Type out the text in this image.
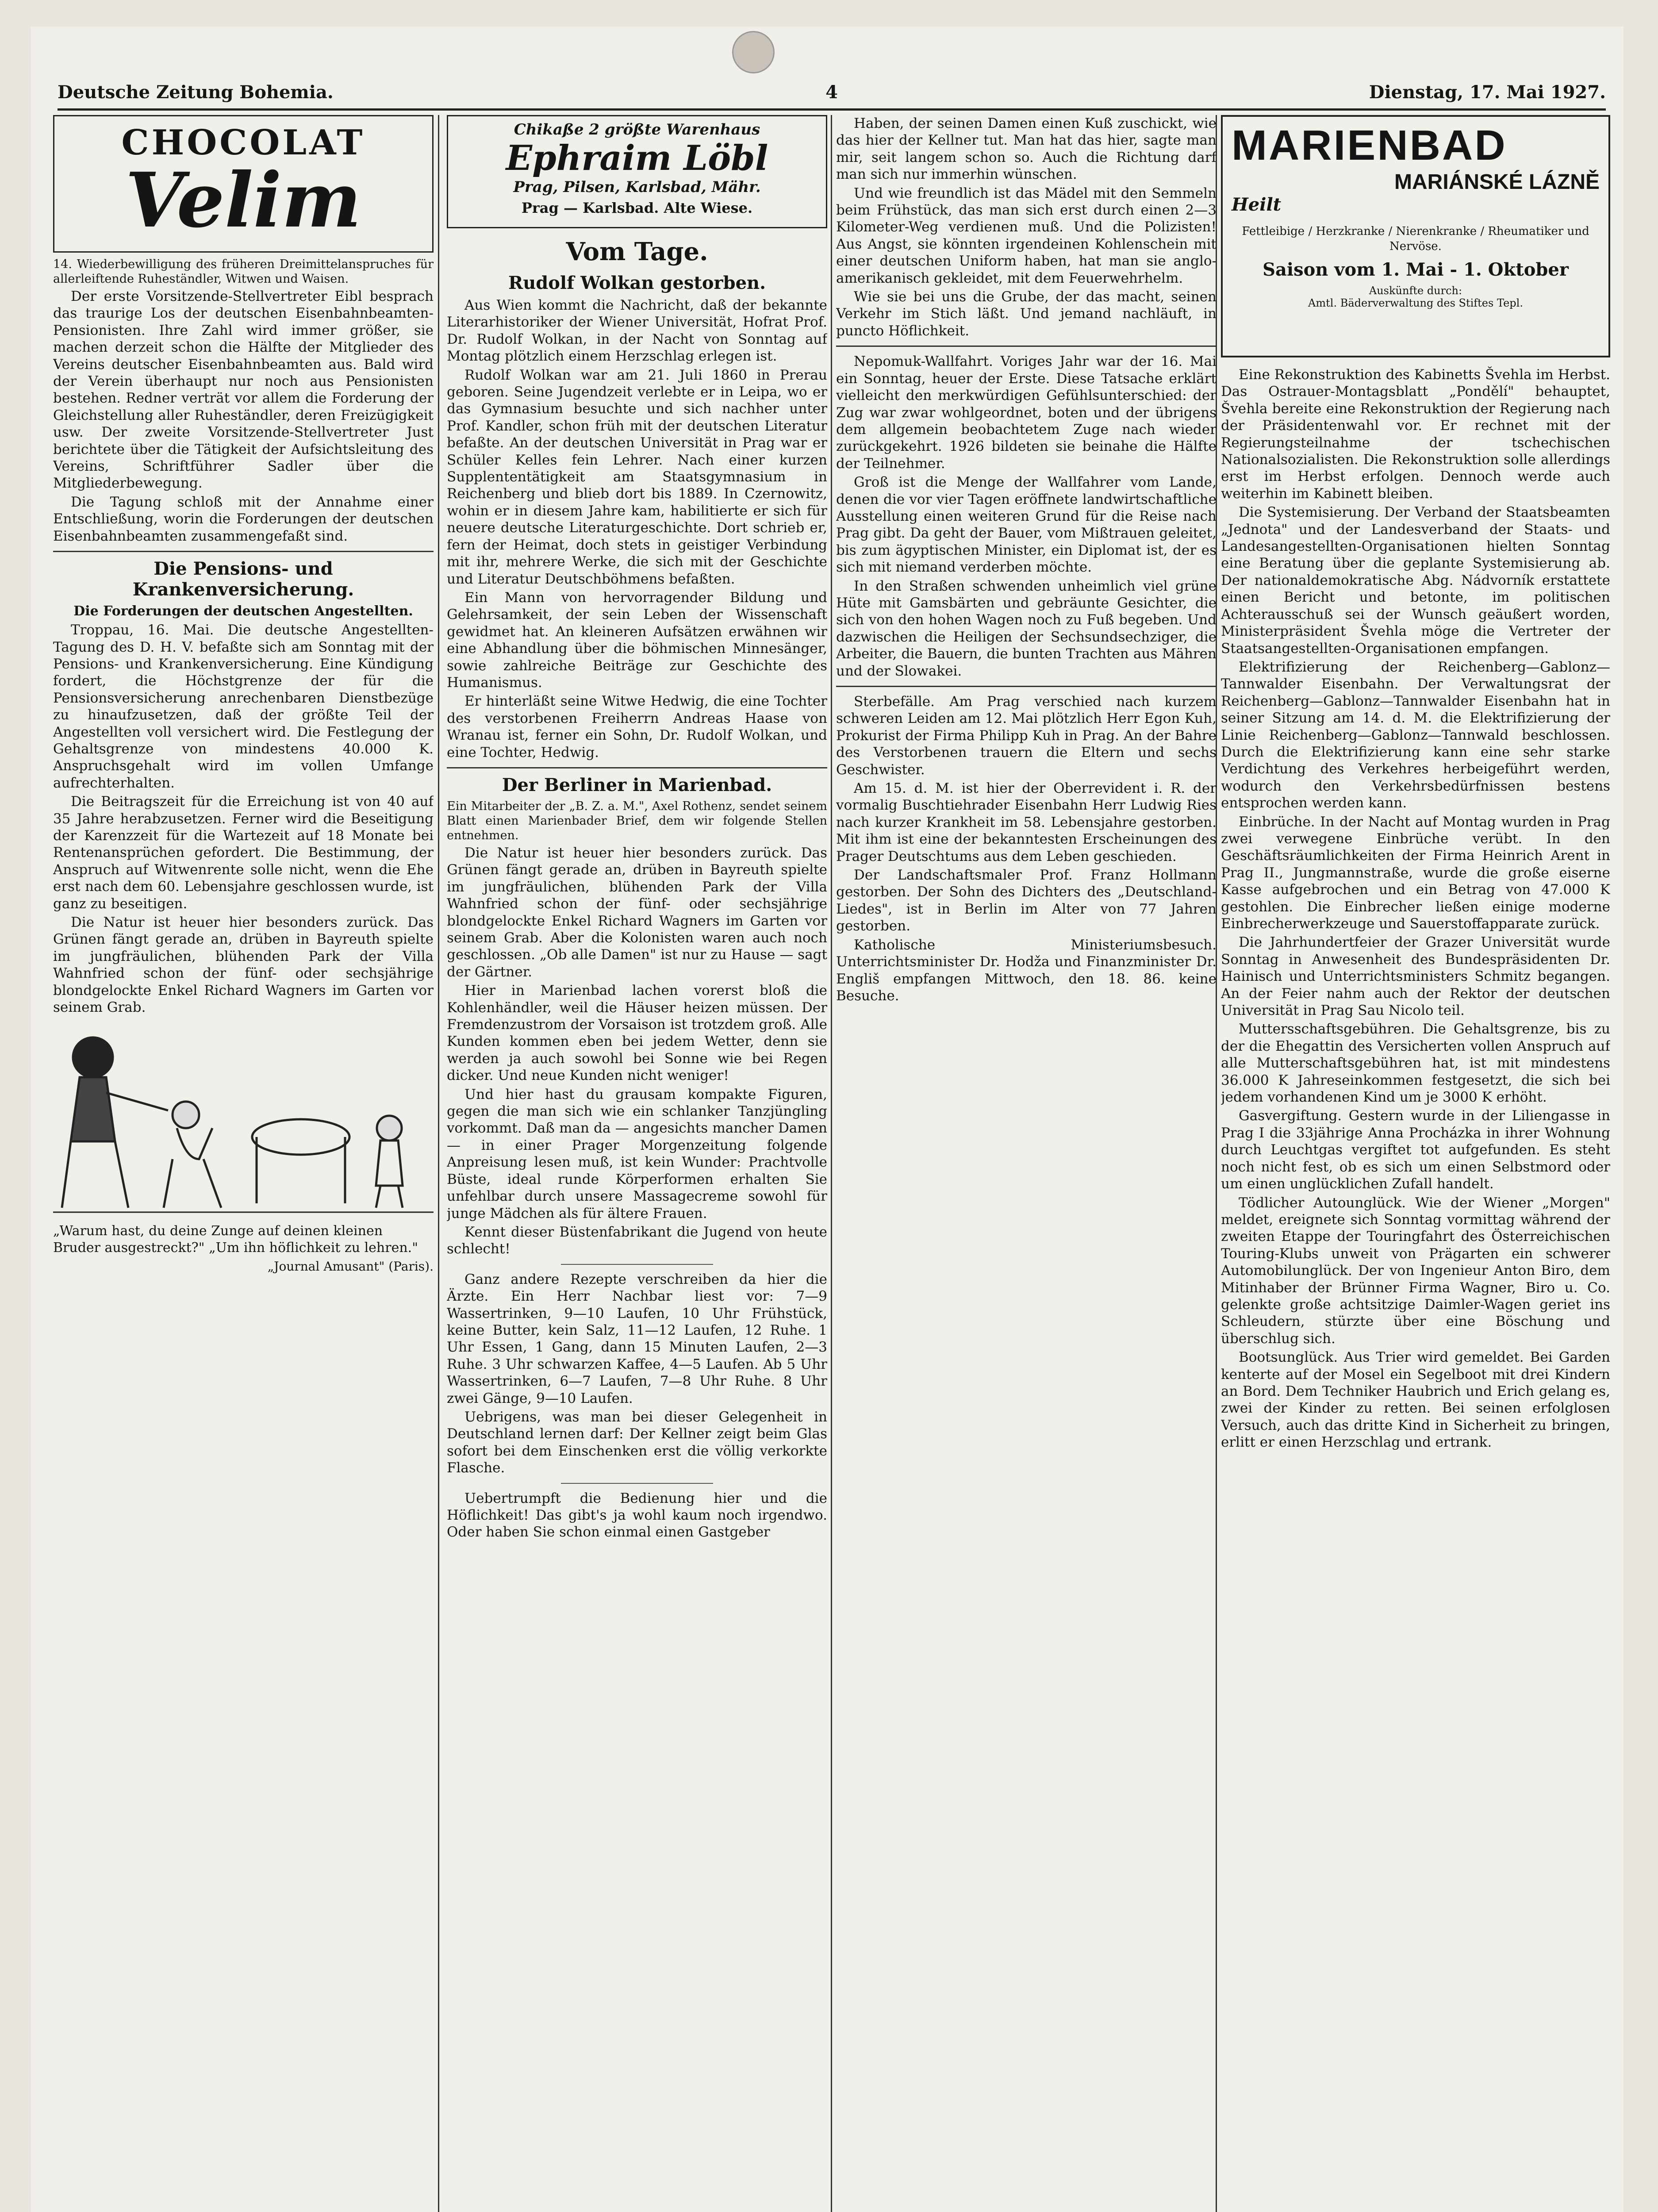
Deutsche Zeitung Bohemia.	4	Dienstag, 17. Mai 1927.
CHOCOLAT
Velim

14. Wiederbewilligung des früheren Dreimittelanspruches für allerleiftende Ruheständler, Witwen und Waisen.

Der erste Vorsitzende-Stellvertreter Eibl besprach das traurige Los der deutschen Eisenbahnbeamten-Pensionisten. Ihre Zahl wird immer größer, sie machen derzeit schon die Hälfte der Mitglieder des Vereins deutscher Eisenbahnbeamten aus. Bald wird der Verein überhaupt nur noch aus Pensionisten bestehen. Redner verträt vor allem die Forderung der Gleichstellung aller Ruheständler, deren Freizügigkeit usw. Der zweite Vorsitzende-Stellvertreter Just berichtete über die Tätigkeit der Aufsichtsleitung des Vereins, Schriftführer Sadler über die Mitgliederbewegung.

Die Tagung schloß mit der Annahme einer Entschließung, worin die Forderungen der deutschen Eisenbahnbeamten zusammengefaßt sind.

Die Pensions- und Krankenversicherung.
Die Forderungen der deutschen Angestellten.

Troppau, 16. Mai. Die deutsche Angestellten-Tagung des D. H. V. befaßte sich am Sonntag mit der Pensions- und Krankenversicherung. Eine Kündigung fordert, die Höchstgrenze der für die Pensionsversicherung anrechenbaren Dienstbezüge zu hinaufzusetzen, daß der größte Teil der Angestellten voll versichert wird. Die Festlegung der Gehaltsgrenze von mindestens 40.000 K. Anspruchsgehalt wird im vollen Umfange aufrechterhalten.

Die Beitragszeit für die Erreichung ist von 40 auf 35 Jahre herabzusetzen. Ferner wird die Beseitigung der Karenzzeit für die Wartezeit auf 18 Monate bei Rentenansprüchen gefordert. Die Bestimmung, der Anspruch auf Witwenrente solle nicht, wenn die Ehe erst nach dem 60. Lebensjahre geschlossen wurde, ist ganz zu beseitigen.

Die Natur ist heuer hier besonders zurück. Das Grünen fängt gerade an, drüben in Bayreuth spielte im jungfräulichen, blühenden Park der Villa Wahnfried schon der fünf- oder sechsjährige blondgelockte Enkel Richard Wagners im Garten vor seinem Grab.

„Warum hast, du deine Zunge auf deinen kleinen Bruder ausgestreckt?" „Um ihn höflichkeit zu lehren."
„Journal Amusant" (Paris).
Chikaße 2 größte Warenhaus
Ephraim Löbl
Prag, Pilsen, Karlsbad, Mähr.
Prag — Karlsbad. Alte Wiese.
Vom Tage.
Rudolf Wolkan gestorben.

Aus Wien kommt die Nachricht, daß der bekannte Literarhistoriker der Wiener Universität, Hofrat Prof. Dr. Rudolf Wolkan, in der Nacht von Sonntag auf Montag plötzlich einem Herzschlag erlegen ist.

Rudolf Wolkan war am 21. Juli 1860 in Prerau geboren. Seine Jugendzeit verlebte er in Leipa, wo er das Gymnasium besuchte und sich nachher unter Prof. Kandler, schon früh mit der deutschen Literatur befaßte. An der deutschen Universität in Prag war er Schüler Kelles fein Lehrer. Nach einer kurzen Supplententätigkeit am Staatsgymnasium in Reichenberg und blieb dort bis 1889. In Czernowitz, wohin er in diesem Jahre kam, habilitierte er sich für neuere deutsche Literaturgeschichte. Dort schrieb er, fern der Heimat, doch stets in geistiger Verbindung mit ihr, mehrere Werke, die sich mit der Geschichte und Literatur Deutschböhmens befaßten.

Ein Mann von hervorragender Bildung und Gelehrsamkeit, der sein Leben der Wissenschaft gewidmet hat. An kleineren Aufsätzen erwähnen wir eine Abhandlung über die böhmischen Minnesänger, sowie zahlreiche Beiträge zur Geschichte des Humanismus.

Er hinterläßt seine Witwe Hedwig, die eine Tochter des verstorbenen Freiherrn Andreas Haase von Wranau ist, ferner ein Sohn, Dr. Rudolf Wolkan, und eine Tochter, Hedwig.

Der Berliner in Marienbad.

Ein Mitarbeiter der „B. Z. a. M.", Axel Rothenz, sendet seinem Blatt einen Marienbader Brief, dem wir folgende Stellen entnehmen.

Die Natur ist heuer hier besonders zurück. Das Grünen fängt gerade an, drüben in Bayreuth spielte im jungfräulichen, blühenden Park der Villa Wahnfried schon der fünf- oder sechsjährige blondgelockte Enkel Richard Wagners im Garten vor seinem Grab. Aber die Kolonisten waren auch noch geschlossen. „Ob alle Damen" ist nur zu Hause — sagt der Gärtner.

Hier in Marienbad lachen vorerst bloß die Kohlenhändler, weil die Häuser heizen müssen. Der Fremdenzustrom der Vorsaison ist trotzdem groß. Alle Kunden kommen eben bei jedem Wetter, denn sie werden ja auch sowohl bei Sonne wie bei Regen dicker. Und neue Kunden nicht weniger!

Und hier hast du grausam kompakte Figuren, gegen die man sich wie ein schlanker Tanzjüngling vorkommt. Daß man da — angesichts mancher Damen — in einer Prager Morgenzeitung folgende Anpreisung lesen muß, ist kein Wunder: Prachtvolle Büste, ideal runde Körperformen erhalten Sie unfehlbar durch unsere Massagecreme sowohl für junge Mädchen als für ältere Frauen.

Kennt dieser Büstenfabrikant die Jugend von heute schlecht!

Ganz andere Rezepte verschreiben da hier die Ärzte. Ein Herr Nachbar liest vor: 7—9 Wassertrinken, 9—10 Laufen, 10 Uhr Frühstück, keine Butter, kein Salz, 11—12 Laufen, 12 Ruhe. 1 Uhr Essen, 1 Gang, dann 15 Minuten Laufen, 2—3 Ruhe. 3 Uhr schwarzen Kaffee, 4—5 Laufen. Ab 5 Uhr Wassertrinken, 6—7 Laufen, 7—8 Uhr Ruhe. 8 Uhr zwei Gänge, 9—10 Laufen.

Uebrigens, was man bei dieser Gelegenheit in Deutschland lernen darf: Der Kellner zeigt beim Glas sofort bei dem Einschenken erst die völlig verkorkte Flasche.

Uebertrumpft die Bedienung hier und die Höflichkeit! Das gibt's ja wohl kaum noch irgendwo. Oder haben Sie schon einmal einen Gastgeber

Haben, der seinen Damen einen Kuß zuschickt, wie das hier der Kellner tut. Man hat das hier, sagte man mir, seit langem schon so. Auch die Richtung darf man sich nur immerhin wünschen.

Und wie freundlich ist das Mädel mit den Semmeln beim Frühstück, das man sich erst durch einen 2—3 Kilometer-Weg verdienen muß. Und die Polizisten! Aus Angst, sie könnten irgendeinen Kohlenschein mit einer deutschen Uniform haben, hat man sie anglo-amerikanisch gekleidet, mit dem Feuerwehrhelm.

Wie sie bei uns die Grube, der das macht, seinen Verkehr im Stich läßt. Und jemand nachläuft, in puncto Höflichkeit.

Nepomuk-Wallfahrt. Voriges Jahr war der 16. Mai ein Sonntag, heuer der Erste. Diese Tatsache erklärt vielleicht den merkwürdigen Gefühlsunterschied: der Zug war zwar wohlgeordnet, boten und der übrigens dem allgemein beobachtetem Zuge nach wieder zurückgekehrt. 1926 bildeten sie beinahe die Hälfte der Teilnehmer.

Groß ist die Menge der Wallfahrer vom Lande, denen die vor vier Tagen eröffnete landwirtschaftliche Ausstellung einen weiteren Grund für die Reise nach Prag gibt. Da geht der Bauer, vom Mißtrauen geleitet, bis zum ägyptischen Minister, ein Diplomat ist, der es sich mit niemand verderben möchte.

In den Straßen schwenden unheimlich viel grüne Hüte mit Gamsbärten und gebräunte Gesichter, die sich von den hohen Wagen noch zu Fuß begeben. Und dazwischen die Heiligen der Sechsundsechziger, die Arbeiter, die Bauern, die bunten Trachten aus Mähren und der Slowakei.

Sterbefälle. Am Prag verschied nach kurzem schweren Leiden am 12. Mai plötzlich Herr Egon Kuh, Prokurist der Firma Philipp Kuh in Prag. An der Bahre des Verstorbenen trauern die Eltern und sechs Geschwister.

Am 15. d. M. ist hier der Oberrevident i. R. der vormalig Buschtiehrader Eisenbahn Herr Ludwig Ries nach kurzer Krankheit im 58. Lebensjahre gestorben. Mit ihm ist eine der bekanntesten Erscheinungen des Prager Deutschtums aus dem Leben geschieden.

Der Landschaftsmaler Prof. Franz Hollmann gestorben. Der Sohn des Dichters des „Deutschland-Liedes", ist in Berlin im Alter von 77 Jahren gestorben.

Katholische Ministeriumsbesuch. Unterrichtsminister Dr. Hodža und Finanzminister Dr. Engliš empfangen Mittwoch, den 18. 86. keine Besuche.

MARIENBAD
MARIÁNSKÉ LÁZNĚ
Heilt
Fettleibige / Herzkranke / Nierenkranke / Rheumatiker und Nervöse.
Saison vom 1. Mai - 1. Oktober
Auskünfte durch:
Amtl. Bäderverwaltung des Stiftes Tepl.

Eine Rekonstruktion des Kabinetts Švehla im Herbst. Das Ostrauer-Montagsblatt „Pondělí" behauptet, Švehla bereite eine Rekonstruktion der Regierung nach der Präsidentenwahl vor. Er rechnet mit der Regierungsteilnahme der tschechischen Nationalsozialisten. Die Rekonstruktion solle allerdings erst im Herbst erfolgen. Dennoch werde auch weiterhin im Kabinett bleiben.

Die Systemisierung. Der Verband der Staatsbeamten „Jednota" und der Landesverband der Staats- und Landesangestellten-Organisationen hielten Sonntag eine Beratung über die geplante Systemisierung ab. Der nationaldemokratische Abg. Nádvorník erstattete einen Bericht und betonte, im politischen Achterausschuß sei der Wunsch geäußert worden, Ministerpräsident Švehla möge die Vertreter der Staatsangestellten-Organisationen empfangen.

Elektrifizierung der Reichenberg—Gablonz—Tannwalder Eisenbahn. Der Verwaltungsrat der Reichenberg—Gablonz—Tannwalder Eisenbahn hat in seiner Sitzung am 14. d. M. die Elektrifizierung der Linie Reichenberg—Gablonz—Tannwald beschlossen. Durch die Elektrifizierung kann eine sehr starke Verdichtung des Verkehres herbeigeführt werden, wodurch den Verkehrsbedürfnissen bestens entsprochen werden kann.

Einbrüche. In der Nacht auf Montag wurden in Prag zwei verwegene Einbrüche verübt. In den Geschäftsräumlichkeiten der Firma Heinrich Arent in Prag II., Jungmannstraße, wurde die große eiserne Kasse aufgebrochen und ein Betrag von 47.000 K gestohlen. Die Einbrecher ließen einige moderne Einbrecherwerkzeuge und Sauerstoffapparate zurück.

Die Jahrhundertfeier der Grazer Universität wurde Sonntag in Anwesenheit des Bundespräsidenten Dr. Hainisch und Unterrichtsministers Schmitz begangen. An der Feier nahm auch der Rektor der deutschen Universität in Prag Sau Nicolo teil.

Muttersschaftsgebühren. Die Gehaltsgrenze, bis zu der die Ehegattin des Versicherten vollen Anspruch auf alle Mutterschaftsgebühren hat, ist mit mindestens 36.000 K Jahreseinkommen festgesetzt, die sich bei jedem vorhandenen Kind um je 3000 K erhöht.

Gasvergiftung. Gestern wurde in der Liliengasse in Prag I die 33jährige Anna Procházka in ihrer Wohnung durch Leuchtgas vergiftet tot aufgefunden. Es steht noch nicht fest, ob es sich um einen Selbstmord oder um einen unglücklichen Zufall handelt.

Tödlicher Autounglück. Wie der Wiener „Morgen" meldet, ereignete sich Sonntag vormittag während der zweiten Etappe der Touringfahrt des Österreichischen Touring-Klubs unweit von Prägarten ein schwerer Automobilunglück. Der von Ingenieur Anton Biro, dem Mitinhaber der Brünner Firma Wagner, Biro u. Co. gelenkte große achtsitzige Daimler-Wagen geriet ins Schleudern, stürzte über eine Böschung und überschlug sich.

Bootsunglück. Aus Trier wird gemeldet. Bei Garden kenterte auf der Mosel ein Segelboot mit drei Kindern an Bord. Dem Techniker Haubrich und Erich gelang es, zwei der Kinder zu retten. Bei seinen erfolglosen Versuch, auch das dritte Kind in Sicherheit zu bringen, erlitt er einen Herzschlag und ertrank.
